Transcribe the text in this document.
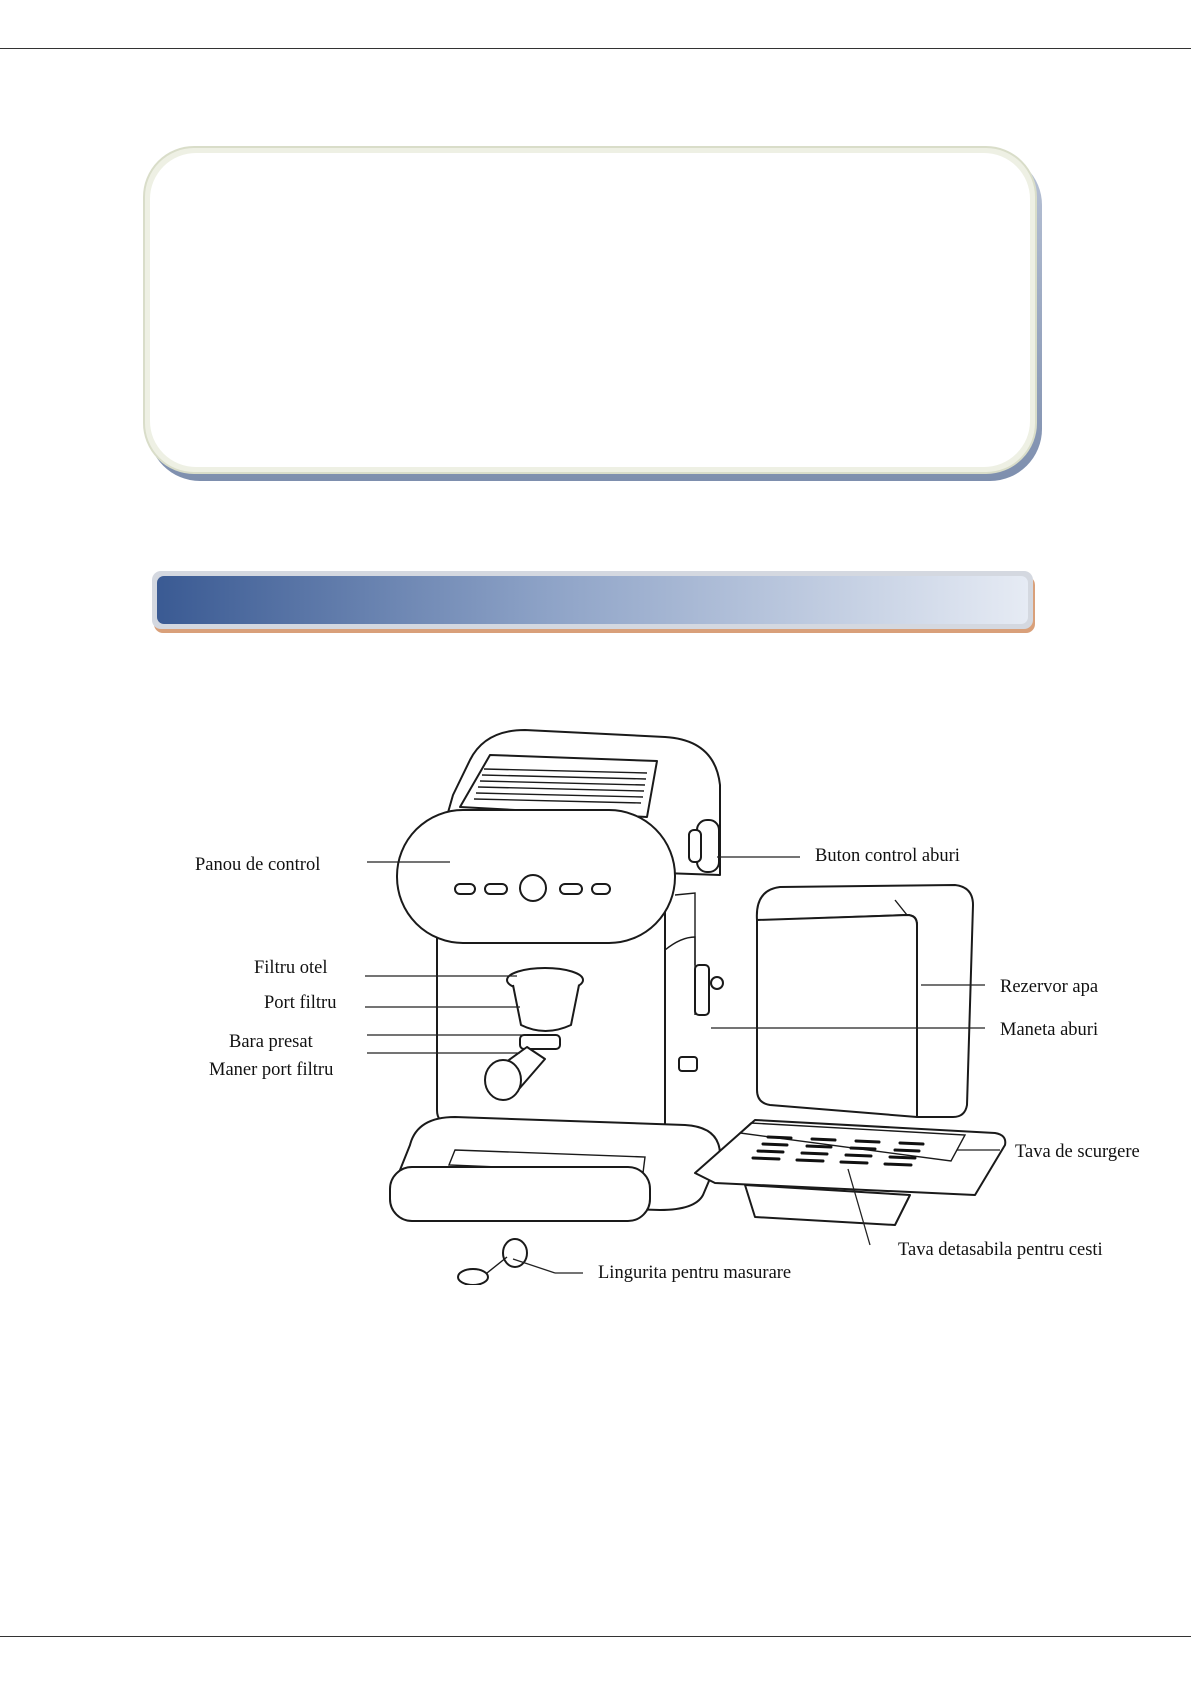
Panou de control
Filtru otel
Port filtru
Bara presat
Maner port filtru
Buton control aburi
Rezervor apa
Maneta aburi
Tava de scurgere
Tava detasabila pentru cesti
Lingurita pentru masurare
